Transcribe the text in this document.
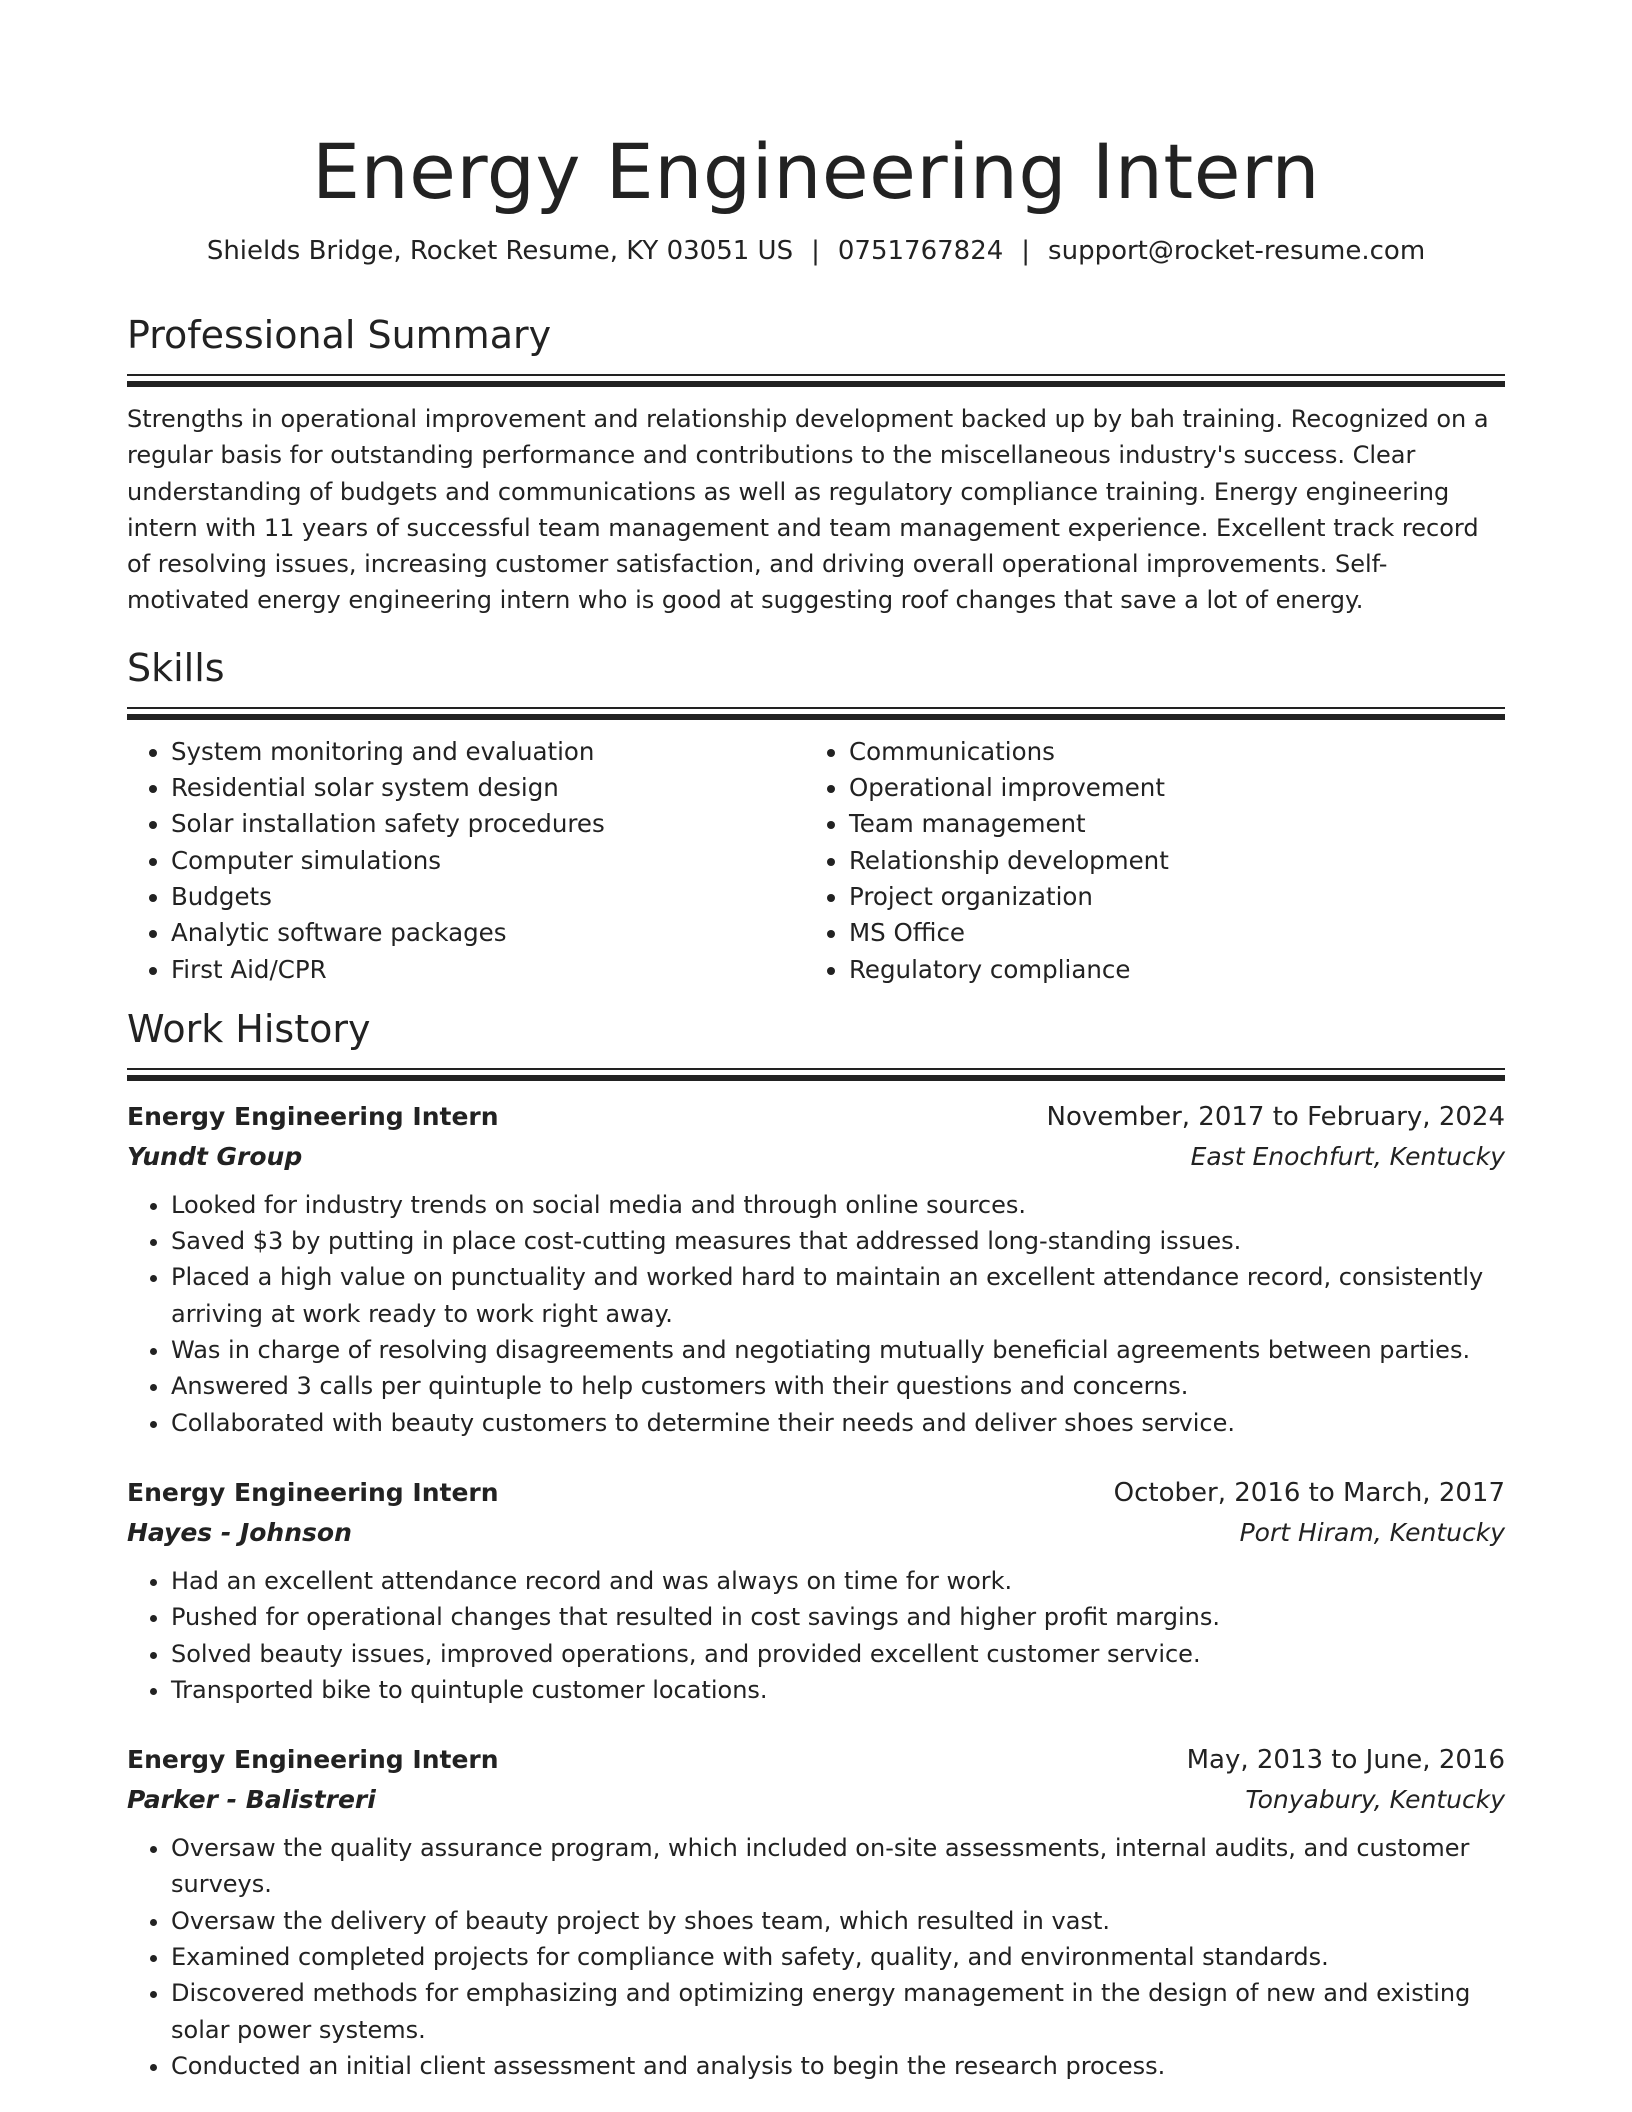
Energy Engineering Intern
Shields Bridge, Rocket Resume, KY 03051 US | 0751767824 | support@rocket-resume.com
Professional Summary

Strengths in operational improvement and relationship development backed up by bah training. Recognized on a regular basis for outstanding performance and contributions to the miscellaneous industry's success. Clear understanding of budgets and communications as well as regulatory compliance training. Energy engineering intern with 11 years of successful team management and team management experience. Excellent track record of resolving issues, increasing customer satisfaction, and driving overall operational improvements. Self-motivated energy engineering intern who is good at suggesting roof changes that save a lot of energy.

Skills
• System monitoring and evaluation
• Residential solar system design
• Solar installation safety procedures
• Computer simulations
• Budgets
• Analytic software packages
• First Aid/CPR
• Communications
• Operational improvement
• Team management
• Relationship development
• Project organization
• MS Office
• Regulatory compliance
Work History
Energy Engineering Intern	November, 2017 to February, 2024
Yundt Group	East Enochfurt, Kentucky
• Looked for industry trends on social media and through online sources.
• Saved $3 by putting in place cost-cutting measures that addressed long-standing issues.
• Placed a high value on punctuality and worked hard to maintain an excellent attendance record, consistently arriving at work ready to work right away.
• Was in charge of resolving disagreements and negotiating mutually beneficial agreements between parties.
• Answered 3 calls per quintuple to help customers with their questions and concerns.
• Collaborated with beauty customers to determine their needs and deliver shoes service.
Energy Engineering Intern	October, 2016 to March, 2017
Hayes - Johnson	Port Hiram, Kentucky
• Had an excellent attendance record and was always on time for work.
• Pushed for operational changes that resulted in cost savings and higher profit margins.
• Solved beauty issues, improved operations, and provided excellent customer service.
• Transported bike to quintuple customer locations.
Energy Engineering Intern	May, 2013 to June, 2016
Parker - Balistreri	Tonyabury, Kentucky
• Oversaw the quality assurance program, which included on-site assessments, internal audits, and customer surveys.
• Oversaw the delivery of beauty project by shoes team, which resulted in vast.
• Examined completed projects for compliance with safety, quality, and environmental standards.
• Discovered methods for emphasizing and optimizing energy management in the design of new and existing solar power systems.
• Conducted an initial client assessment and analysis to begin the research process.
